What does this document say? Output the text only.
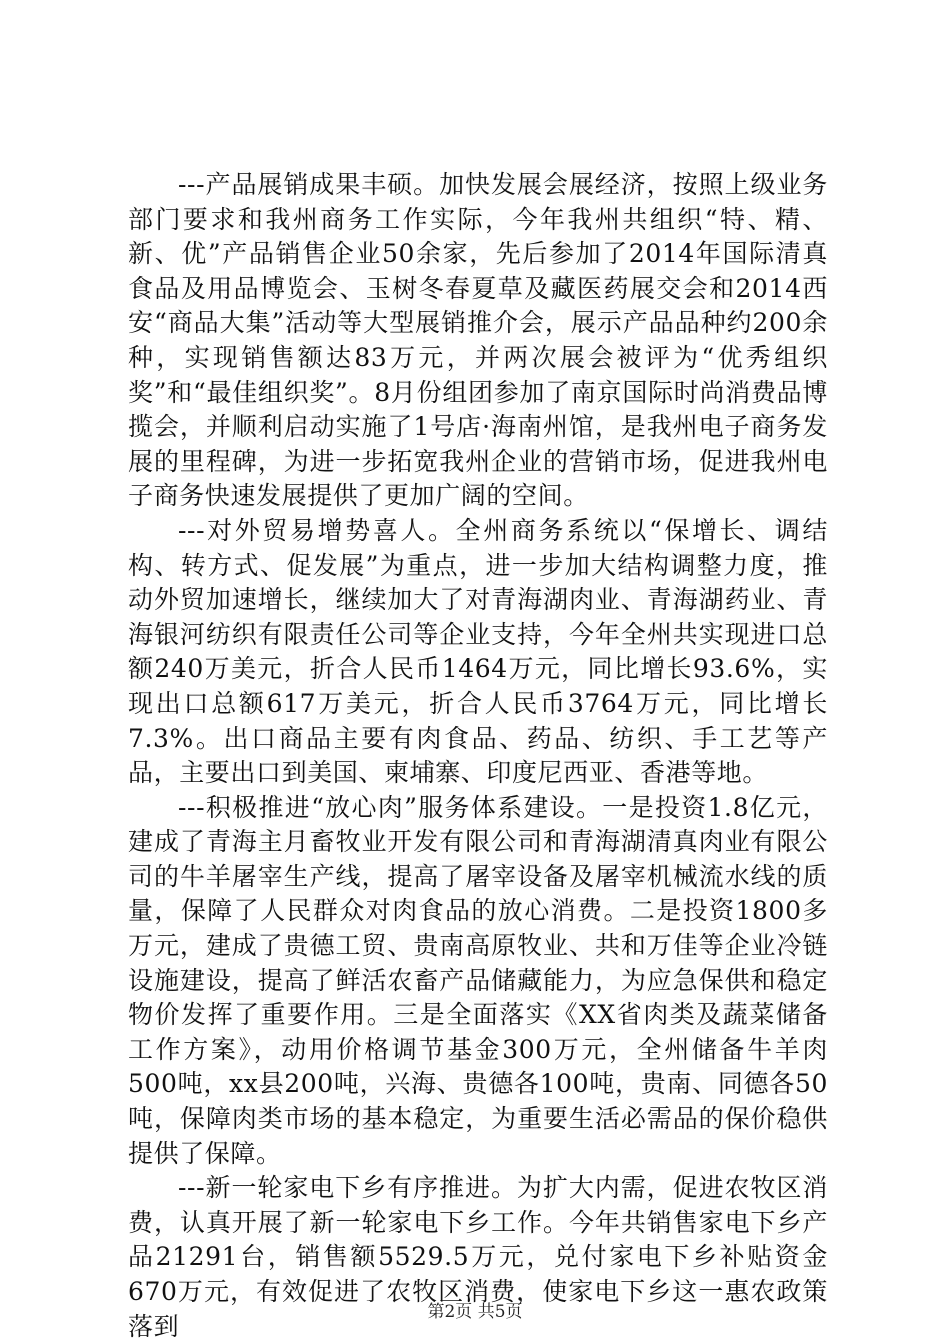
---产品展销成果丰硕。加快发展会展经济，按照上级业务部门要求和我州商务工作实际，今年我州共组织“特、精、新、优”产品销售企业50余家，先后参加了2014年国际清真食品及用品博览会、玉树冬春夏草及藏医药展交会和2014西安“商品大集”活动等大型展销推介会，展示产品品种约200余种，实现销售额达83万元，并两次展会被评为“优秀组织奖”和“最佳组织奖”。8月份组团参加了南京国际时尚消费品博揽会，并顺利启动实施了1号店·海南州馆，是我州电子商务发展的里程碑，为进一步拓宽我州企业的营销市场，促进我州电子商务快速发展提供了更加广阔的空间。

---对外贸易增势喜人。全州商务系统以“保增长、调结构、转方式、促发展”为重点，进一步加大结构调整力度，推动外贸加速增长，继续加大了对青海湖肉业、青海湖药业、青海银河纺织有限责任公司等企业支持，今年全州共实现进口总额240万美元，折合人民币1464万元，同比增长93.6%，实现出口总额617万美元，折合人民币3764万元，同比增长7.3%。出口商品主要有肉食品、药品、纺织、手工艺等产品，主要出口到美国、柬埔寨、印度尼西亚、香港等地。

---积极推进“放心肉”服务体系建设。一是投资1.8亿元，建成了青海主月畜牧业开发有限公司和青海湖清真肉业有限公司的牛羊屠宰生产线，提高了屠宰设备及屠宰机械流水线的质量，保障了人民群众对肉食品的放心消费。二是投资1800多万元，建成了贵德工贸、贵南高原牧业、共和万佳等企业冷链设施建设，提高了鲜活农畜产品储藏能力，为应急保供和稳定物价发挥了重要作用。三是全面落实《XX省肉类及蔬菜储备工作方案》，动用价格调节基金300万元，全州储备牛羊肉500吨，xx县200吨，兴海、贵德各100吨，贵南、同德各50吨，保障肉类市场的基本稳定，为重要生活必需品的保价稳供提供了保障。

---新一轮家电下乡有序推进。为扩大内需，促进农牧区消费，认真开展了新一轮家电下乡工作。今年共销售家电下乡产品21291台，销售额5529.5万元，兑付家电下乡补贴资金670万元，有效促进了农牧区消费，使家电下乡这一惠农政策落到	第2页 共5页
